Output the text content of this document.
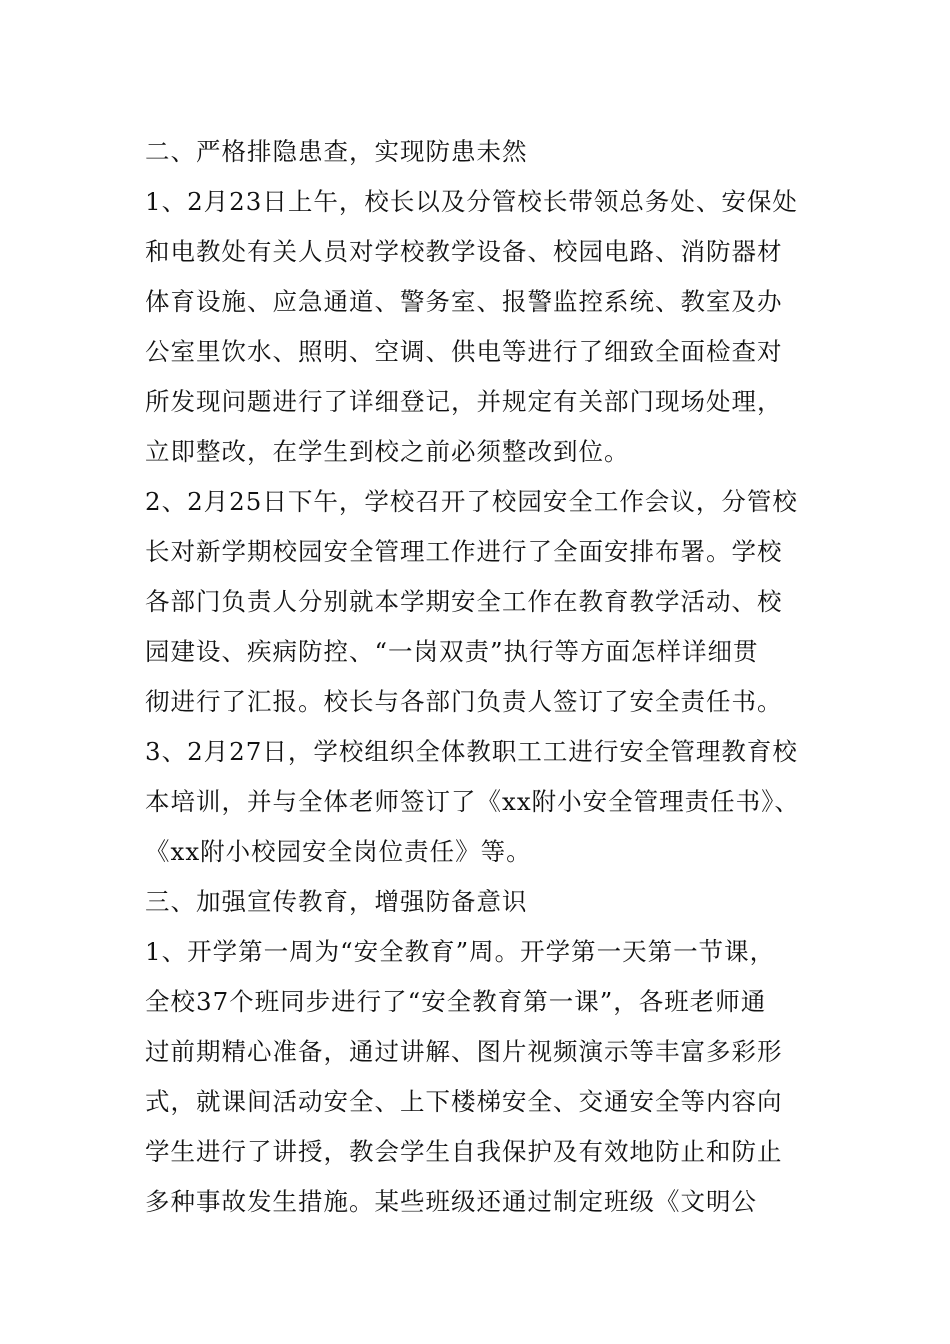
二、严格排隐患查，实现防患未然
1、2月23日上午，校长以及分管校长带领总务处、安保处
和电教处有关人员对学校教学设备、校园电路、消防器材
体育设施、应急通道、警务室、报警监控系统、教室及办
公室里饮水、照明、空调、供电等进行了细致全面检查对
所发现问题进行了详细登记，并规定有关部门现场处理，
立即整改，在学生到校之前必须整改到位。
2、2月25日下午，学校召开了校园安全工作会议，分管校
长对新学期校园安全管理工作进行了全面安排布署。学校
各部门负责人分别就本学期安全工作在教育教学活动、校
园建设、疾病防控、“一岗双责”执行等方面怎样详细贯
彻进行了汇报。校长与各部门负责人签订了安全责任书。
3、2月27日，学校组织全体教职工工进行安全管理教育校
本培训，并与全体老师签订了《xx附小安全管理责任书》、
《xx附小校园安全岗位责任》等。
三、加强宣传教育，增强防备意识
1、开学第一周为“安全教育”周。开学第一天第一节课，
全校37个班同步进行了“安全教育第一课”，各班老师通
过前期精心准备，通过讲解、图片视频演示等丰富多彩形
式，就课间活动安全、上下楼梯安全、交通安全等内容向
学生进行了讲授，教会学生自我保护及有效地防止和防止
多种事故发生措施。某些班级还通过制定班级《文明公
